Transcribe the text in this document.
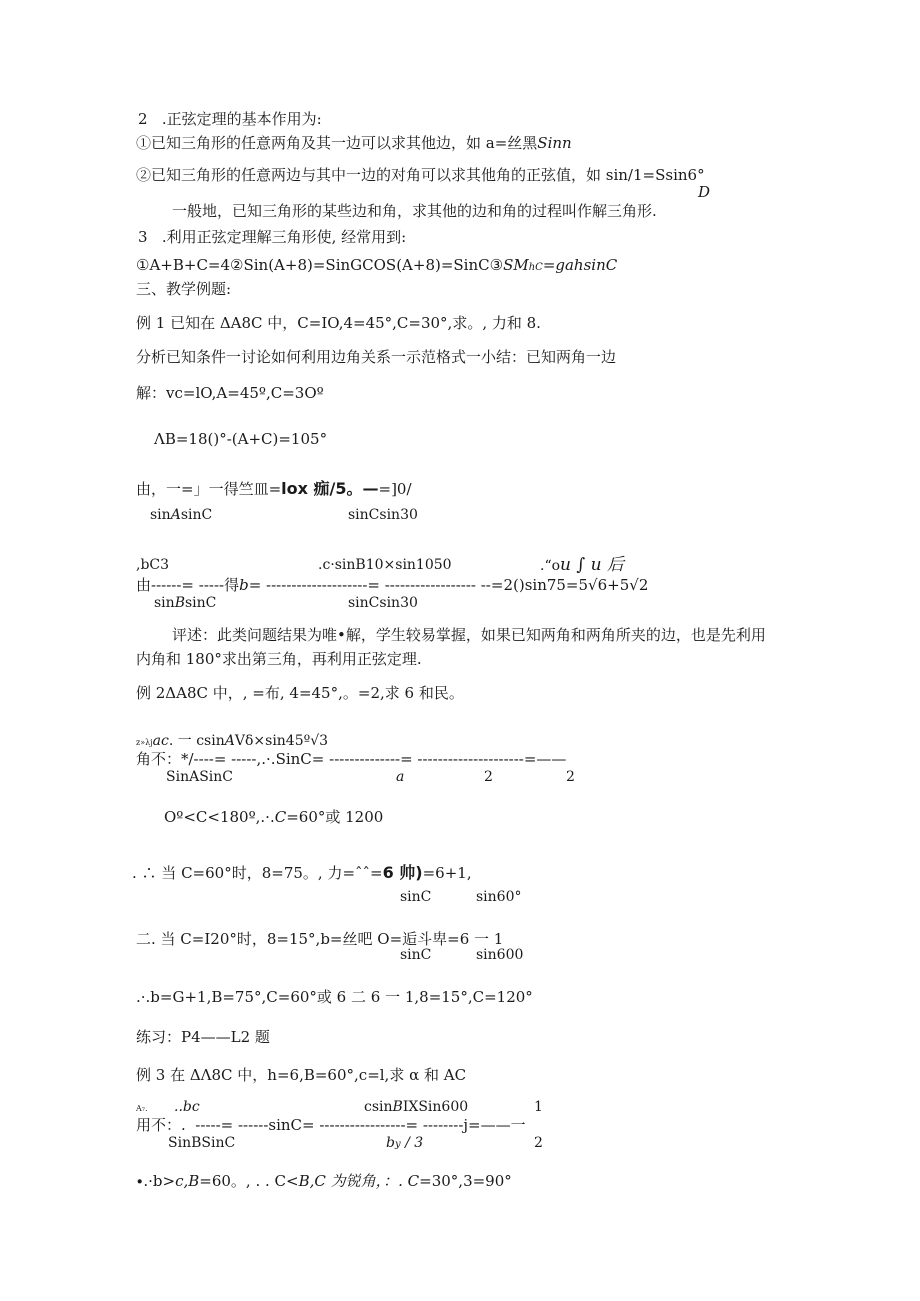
2   .正弦定理的基本作用为:
①已知三角形的任意两角及其一边可以求其他边，如 a=丝黑Sinn
②已知三角形的任意两边与其中一边的对角可以求其他角的正弦值，如 sin/1=Ssin6°
D
一般地，已知三角形的某些边和角，求其他的边和角的过程叫作解三角形.
3   .利用正弦定理解三角形使, 经常用到:
①A+B+C=4②Sin(A+8)=SinGCOS(A+8)=SinC③SMhC=gahsinC
三、教学例题:
例 1 已知在 ΔA8C 中，C=IO,4=45°,C=30°,求。, 力和 8.
分析已知条件一讨论如何利用边角关系一示范格式一小结：已知两角一边
解：vc=lO,A=45º,C=3Oº
ΛB=18()°-(A+C)=105°
由，一=」一得竺皿=lox 痂/5。—=]0/
sinAsinC	sinCsin30
,bC3	.c·sinB10×sin1050	.“ou ∫ u 后
由------= -----得b= --------------------= ------------------ --=2()sin75=5√6+5√2
sinBsinC	sinCsin30
评述：此类问题结果为唯•解，学生较易掌握，如果已知两角和两角所夹的边，也是先利用
内角和 180°求出第三角，再利用正弦定理.
例 2ΔA8C 中，, =布, 4=45°,。=2,求 6 和民。
z»λjac. 一 csinAVδ×sin45º√3
角不：*/----= -----,.·.SinC= --------------= ---------------------=——
a	2	2
SinASinC
Oº<C<180º,.·.C=60°或 1200
. ∴ 当 C=60°时，8=75。, 力=ˆˆ=6 帅)=6+1,
sinC	sin60°
二. 当 C=I20°时，8=15°,b=丝吧 O=逅斗卑=6 一 1
sinC	sin600
.·.b=G+1,B=75°,C=60°或 6 二 6 一 1,8=15°,C=120°
练习：P4——L2 题
例 3 在 ΔΛ8C 中，h=6,B=60°,c=l,求 α 和 AC
A₇. ..bc	csinBIXSin600	1
用不：.  -----= ------sinC= -----------------= --------j=——一
SinBSinC	by / 3	2
∙.·b>c,B=60。, . . C<B,C 为锐角，：. C=30°,3=90°
